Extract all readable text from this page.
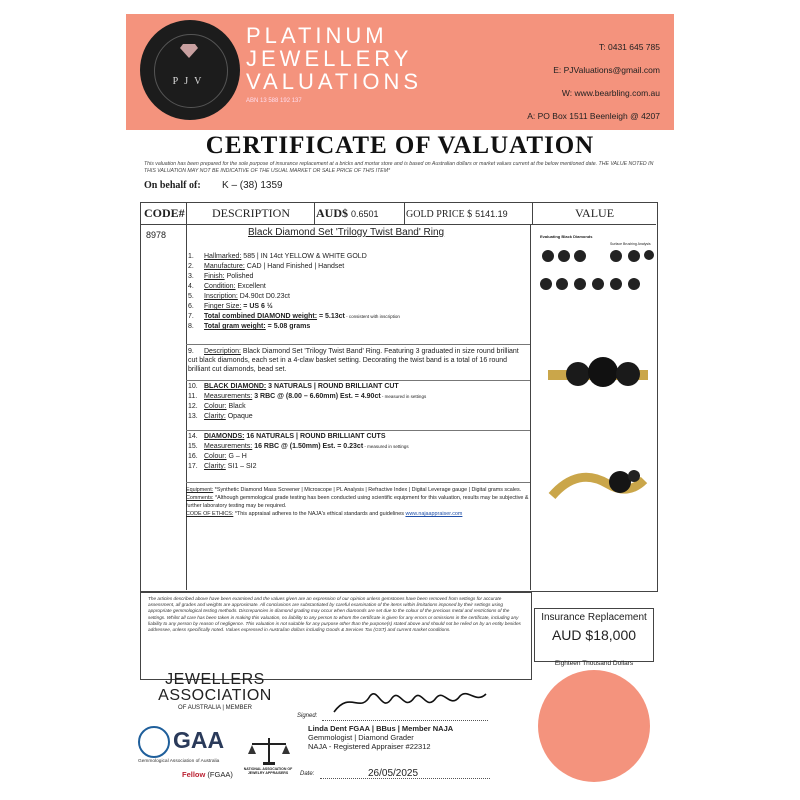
PJV
PLATINUM
JEWELLERY
VALUATIONS
ABN 13 588 192 137
T: 0431 645 785
E: PJValuations@gmail.com
W: www.bearbling.com.au
A: PO Box 1511 Beenleigh @ 4207
CERTIFICATE OF VALUATION
This valuation has been prepared for the sole purpose of insurance replacement at a bricks and mortar store and is based on Australian dollars or market values current at the below mentioned date. THE VALUE NOTED IN THIS VALUATION MAY NOT BE INDICATIVE OF THE USUAL MARKET OR SALE PRICE OF THIS ITEM*
On behalf of: K – (38) 1359
CODE#	DESCRIPTION	AUD$ 0.6501	GOLD PRICE $ 5141.19	VALUE
8978	Black Diamond Set 'Trilogy Twist Band' Ring
1. Hallmarked: 585 | IN 14ct YELLOW & WHITE GOLD
2. Manufacture: CAD | Hand Finished | Handset
3. Finish: Polished
4. Condition: Excellent
5. Inscription: D4.90ct D0.23ct
6. Finger Size: = US 6 ½
7. Total combined DIAMOND weight: = 5.13ct - consistent with inscription
8. Total gram weight: = 5.08 grams
9. Description: Black Diamond Set 'Trilogy Twist Band' Ring. Featuring 3 graduated in size round brilliant cut black diamonds, each set in a 4-claw basket setting. Decorating the twist band is a total of 16 round brilliant cut diamonds, bead set.
10. BLACK DIAMOND: 3 NATURALS | ROUND BRILLIANT CUT
11. Measurements: 3 RBC @ (8.00 – 6.60mm) Est. = 4.90ct - measured in settings
12. Colour: Black
13. Clarity: Opaque
14. DIAMONDS: 16 NATURALS | ROUND BRILLIANT CUTS
15. Measurements: 16 RBC @ (1.50mm) Est. = 0.23ct - measured in settings
16. Colour: G – H
17. Clarity: SI1 – SI2
Equipment: *Synthetic Diamond Mass Screener | Microscope | PL Analysis | Refractive Index | Digital Leverage gauge | Digital grams scales.
Comments: *Although gemmological grade testing has been conducted using scientific equipment for this valuation, results may be subjective & further laboratory testing may be required.
CODE OF ETHICS: *This appraisal adheres to the NAJA's ethical standards and guidelines www.najaappraiser.com
Evaluating Black Diamonds
Surface Brushing Analysis
The articles described above have been examined and the values given are an expression of our opinion unless gemstones have been removed from settings for accurate assessment, all grades and weights are approximate. All conclusions are substantiated by careful examination of the items within limitations imposed by their settings using appropriate gemmological testing methods. Discrepancies in diamond grading may occur when diamonds are set due to the colour of the precious metal and restrictions of the settings. Whilst all care has been taken in making this valuation, no liability to any person to whom the certificate is given for any errors or omissions in the certificate, including any liability to any person by reason of negligence. This valuation is not suitable for any purpose other than the purpose(s) stated above and should not be relied on by an entity besides addressee, unless specifically noted. Values expressed in Australian dollars including Goods & Services Tax (GST) and current market conditions.
Insurance Replacement
AUD $18,000
Eighteen Thousand Dollars
JEWELLERS
ASSOCIATION
OF AUSTRALIA | MEMBER
GAA
Gemmological Association of Australia
Fellow (FGAA)
NATIONAL ASSOCIATION OF JEWELRY APPRAISERS
Signed:
Linda Dent FGAA | BBus | Member NAJA
Gemmologist | Diamond Grader
NAJA - Registered Appraiser #22312
Date:	26/05/2025
